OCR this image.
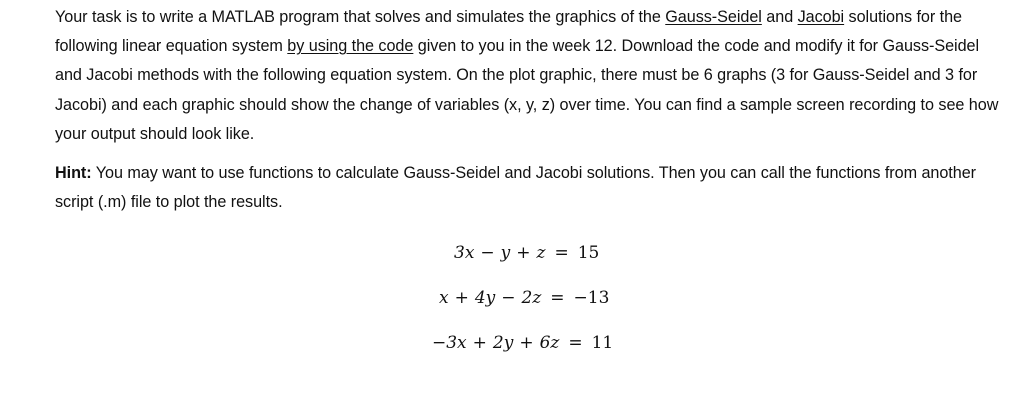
Your task is to write a MATLAB program that solves and simulates the graphics of the Gauss-Seidel and Jacobi solutions for the following linear equation system by using the code given to you in the week 12. Download the code and modify it for Gauss-Seidel and Jacobi methods with the following equation system. On the plot graphic, there must be 6 graphs (3 for Gauss-Seidel and 3 for Jacobi) and each graphic should show the change of variables (x, y, z) over time. You can find a sample screen recording to see how your output should look like.

Hint: You may want to use functions to calculate Gauss-Seidel and Jacobi solutions. Then you can call the functions from another script (.m) file to plot the results.

3x − y + z = 15
x + 4y − 2z = −13
−3x + 2y + 6z = 11
